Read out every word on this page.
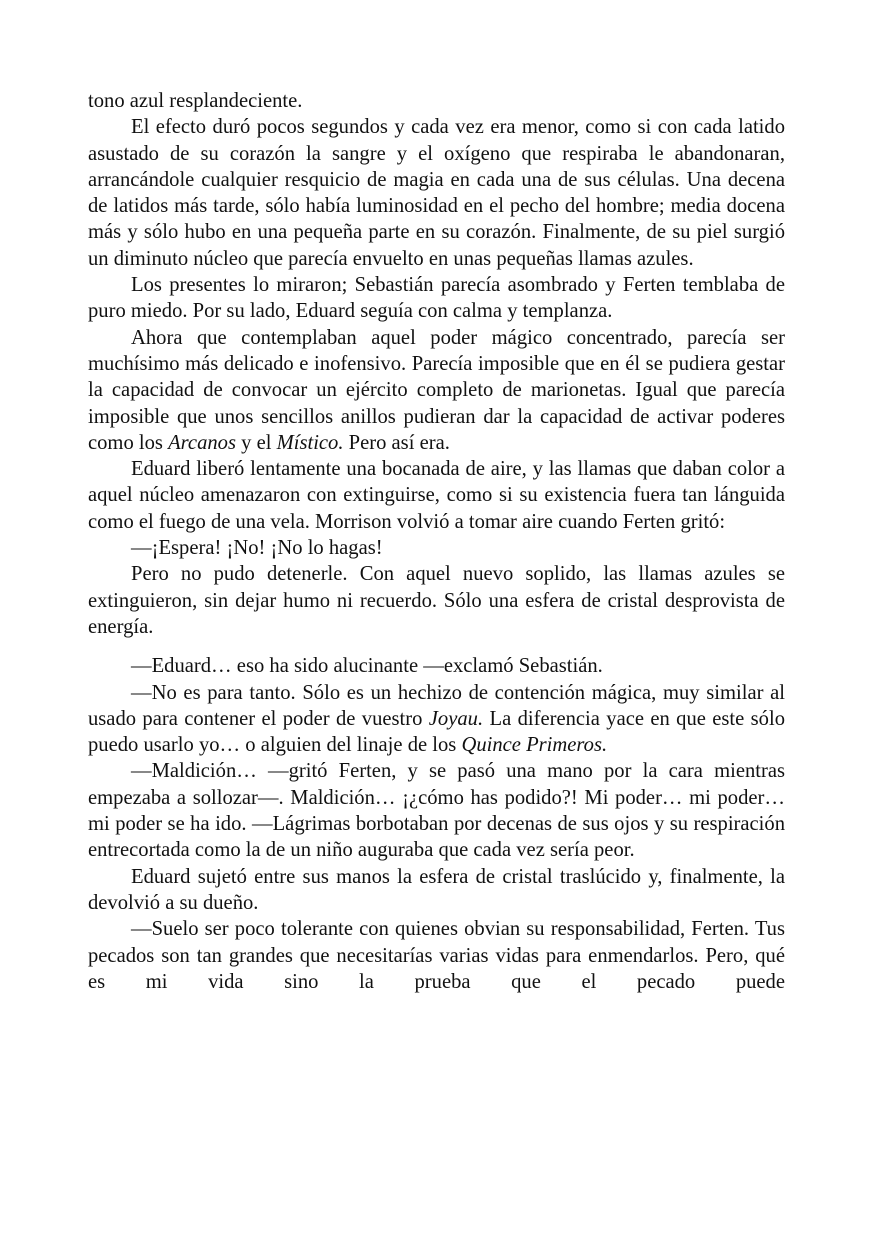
tono azul resplandeciente.

El efecto duró pocos segundos y cada vez era menor, como si con cada latido asustado de su corazón la sangre y el oxígeno que respiraba le abandonaran, arrancándole cualquier resquicio de magia en cada una de sus células. Una decena de latidos más tarde, sólo había luminosidad en el pecho del hombre; media docena más y sólo hubo en una pequeña parte en su corazón. Finalmente, de su piel surgió un diminuto núcleo que parecía envuelto en unas pequeñas llamas azules.

Los presentes lo miraron; Sebastián parecía asombrado y Ferten temblaba de puro miedo. Por su lado, Eduard seguía con calma y templanza.

Ahora que contemplaban aquel poder mágico concentrado, parecía ser muchísimo más delicado e inofensivo. Parecía imposible que en él se pudiera gestar la capacidad de convocar un ejército completo de marionetas. Igual que parecía imposible que unos sencillos anillos pudieran dar la capacidad de activar poderes como los Arcanos y el Místico. Pero así era.

Eduard liberó lentamente una bocanada de aire, y las llamas que daban color a aquel núcleo amenazaron con extinguirse, como si su existencia fuera tan lánguida como el fuego de una vela. Morrison volvió a tomar aire cuando Ferten gritó:

—¡Espera! ¡No! ¡No lo hagas!

Pero no pudo detenerle. Con aquel nuevo soplido, las llamas azules se extinguieron, sin dejar humo ni recuerdo. Sólo una esfera de cristal desprovista de energía.

—Eduard… eso ha sido alucinante —exclamó Sebastián.

—No es para tanto. Sólo es un hechizo de contención mágica, muy similar al usado para contener el poder de vuestro Joyau. La diferencia yace en que este sólo puedo usarlo yo… o alguien del linaje de los Quince Primeros.

—Maldición… —gritó Ferten, y se pasó una mano por la cara mientras empezaba a sollozar—. Maldición… ¡¿cómo has podido?! Mi poder… mi poder… mi poder se ha ido. —Lágrimas borbotaban por decenas de sus ojos y su respiración entrecortada como la de un niño auguraba que cada vez sería peor.

Eduard sujetó entre sus manos la esfera de cristal traslúcido y, finalmente, la devolvió a su dueño.

—Suelo ser poco tolerante con quienes obvian su responsabilidad, Ferten. Tus pecados son tan grandes que necesitarías varias vidas para enmendarlos. Pero, qué es mi vida sino la prueba que el pecado puede
